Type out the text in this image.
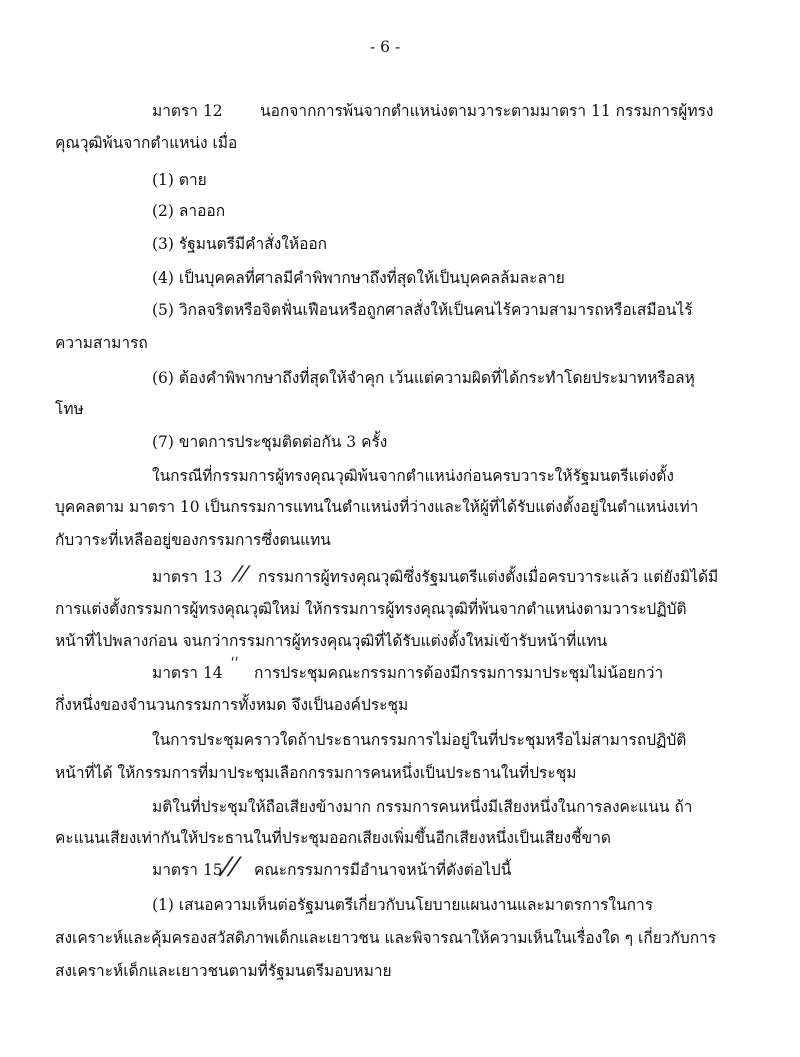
- 6 -
มาตรา 12 นอกจากการพ้นจากตำแหน่งตามวาระตามมาตรา 11 กรรมการผู้ทรง
คุณวุฒิพ้นจากตำแหน่ง เมื่อ
(1) ตาย
(2) ลาออก
(3) รัฐมนตรีมีคำสั่งให้ออก
(4) เป็นบุคคลที่ศาลมีคำพิพากษาถึงที่สุดให้เป็นบุคคลล้มละลาย
(5) วิกลจริตหรือจิตฟั่นเฟือนหรือถูกศาลสั่งให้เป็นคนไร้ความสามารถหรือเสมือนไร้
ความสามารถ
(6) ต้องคำพิพากษาถึงที่สุดให้จำคุก เว้นแต่ความผิดที่ได้กระทำโดยประมาทหรือลหุ
โทษ
(7) ขาดการประชุมติดต่อกัน 3 ครั้ง
ในกรณีที่กรรมการผู้ทรงคุณวุฒิพ้นจากตำแหน่งก่อนครบวาระให้รัฐมนตรีแต่งตั้ง
บุคคลตาม มาตรา 10 เป็นกรรมการแทนในตำแหน่งที่ว่างและให้ผู้ที่ได้รับแต่งตั้งอยู่ในตำแหน่งเท่า
กับวาระที่เหลืออยู่ของกรรมการซึ่งตนแทน
มาตรา 13 // กรรมการผู้ทรงคุณวุฒิซึ่งรัฐมนตรีแต่งตั้งเมื่อครบวาระแล้ว แต่ยังมิได้มี
การแต่งตั้งกรรมการผู้ทรงคุณวุฒิใหม่ ให้กรรมการผู้ทรงคุณวุฒิที่พ้นจากตำแหน่งตามวาระปฏิบัติ
หน้าที่ไปพลางก่อน จนกว่ากรรมการผู้ทรงคุณวุฒิที่ได้รับแต่งตั้งใหม่เข้ารับหน้าที่แทน
มาตรา 14
''
การประชุมคณะกรรมการต้องมีกรรมการมาประชุมไม่น้อยกว่า
กึ่งหนึ่งของจำนวนกรรมการทั้งหมด จึงเป็นองค์ประชุม
ในการประชุมคราวใดถ้าประธานกรรมการไม่อยู่ในที่ประชุมหรือไม่สามารถปฏิบัติ
หน้าที่ได้ ให้กรรมการที่มาประชุมเลือกกรรมการคนหนึ่งเป็นประธานในที่ประชุม
มติในที่ประชุมให้ถือเสียงข้างมาก กรรมการคนหนึ่งมีเสียงหนึ่งในการลงคะแนน ถ้า
คะแนนเสียงเท่ากันให้ประธานในที่ประชุมออกเสียงเพิ่มขึ้นอีกเสียงหนึ่งเป็นเสียงชี้ขาด
มาตรา 15
// คณะกรรมการมีอำนาจหน้าที่ดังต่อไปนี้
(1) เสนอความเห็นต่อรัฐมนตรีเกี่ยวกับนโยบายแผนงานและมาตรการในการ
สงเคราะห์และคุ้มครองสวัสดิภาพเด็กและเยาวชน และพิจารณาให้ความเห็นในเรื่องใด ๆ เกี่ยวกับการ
สงเคราะห์เด็กและเยาวชนตามที่รัฐมนตรีมอบหมาย
